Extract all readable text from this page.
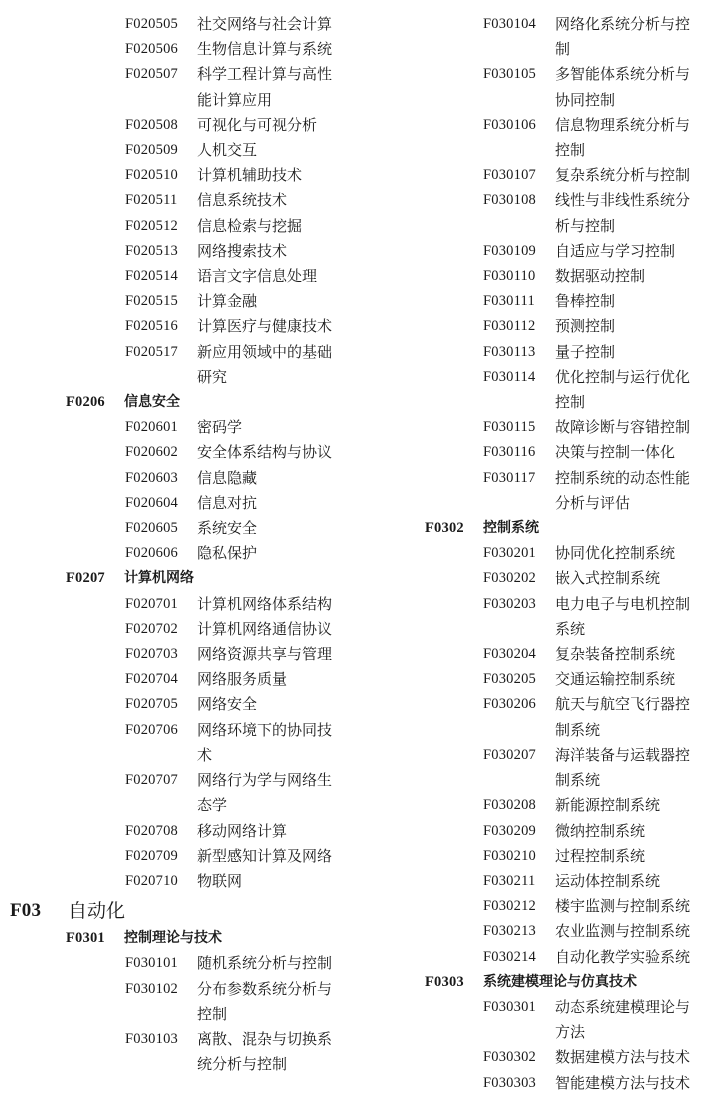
F020505	社交网络与社会计算
F020506	生物信息计算与系统
F020507	科学工程计算与高性能计算应用
F020508	可视化与可视分析
F020509	人机交互
F020510	计算机辅助技术
F020511	信息系统技术
F020512	信息检索与挖掘
F020513	网络搜索技术
F020514	语言文字信息处理
F020515	计算金融
F020516	计算医疗与健康技术
F020517	新应用领域中的基础研究
F0206	信息安全
F020601	密码学
F020602	安全体系结构与协议
F020603	信息隐藏
F020604	信息对抗
F020605	系统安全
F020606	隐私保护
F0207	计算机网络
F020701	计算机网络体系结构
F020702	计算机网络通信协议
F020703	网络资源共享与管理
F020704	网络服务质量
F020705	网络安全
F020706	网络环境下的协同技术
F020707	网络行为学与网络生态学
F020708	移动网络计算
F020709	新型感知计算及网络
F020710	物联网
F03	自动化
F0301	控制理论与技术
F030101	随机系统分析与控制
F030102	分布参数系统分析与控制
F030103	离散、混杂与切换系统分析与控制
F030104	网络化系统分析与控制
F030105	多智能体系统分析与协同控制
F030106	信息物理系统分析与控制
F030107	复杂系统分析与控制
F030108	线性与非线性系统分析与控制
F030109	自适应与学习控制
F030110	数据驱动控制
F030111	鲁棒控制
F030112	预测控制
F030113	量子控制
F030114	优化控制与运行优化控制
F030115	故障诊断与容错控制
F030116	决策与控制一体化
F030117	控制系统的动态性能分析与评估
F0302	控制系统
F030201	协同优化控制系统
F030202	嵌入式控制系统
F030203	电力电子与电机控制系统
F030204	复杂装备控制系统
F030205	交通运输控制系统
F030206	航天与航空飞行器控制系统
F030207	海洋装备与运载器控制系统
F030208	新能源控制系统
F030209	微纳控制系统
F030210	过程控制系统
F030211	运动体控制系统
F030212	楼宇监测与控制系统
F030213	农业监测与控制系统
F030214	自动化教学实验系统
F0303	系统建模理论与仿真技术
F030301	动态系统建模理论与方法
F030302	数据建模方法与技术
F030303	智能建模方法与技术
